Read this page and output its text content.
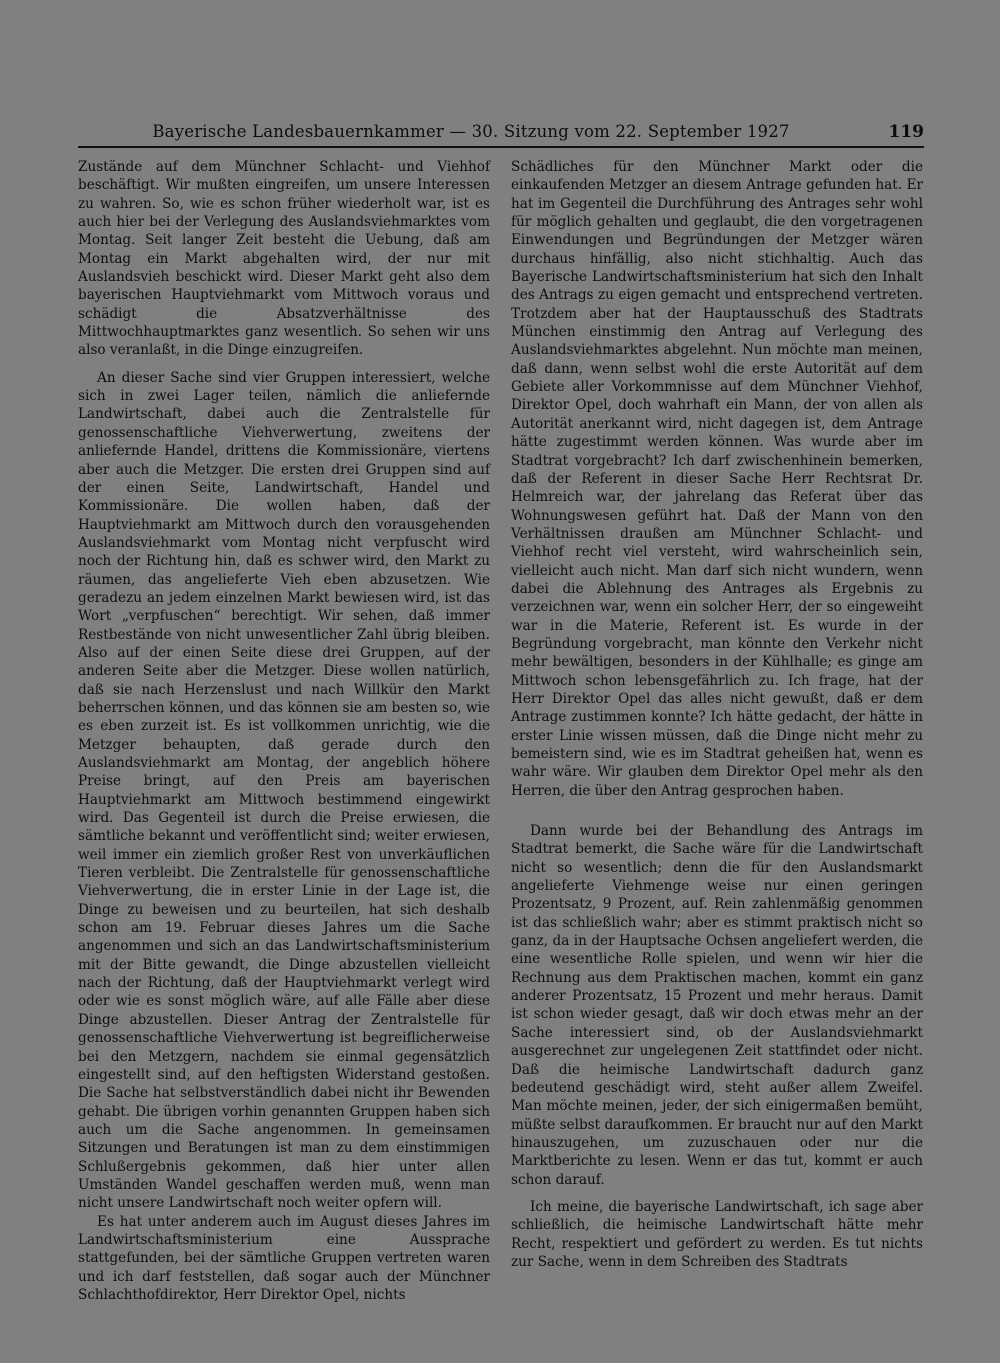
Bayerische Landesbauernkammer — 30. Sitzung vom 22. September 1927	119

Zustände auf dem Münchner Schlacht- und Viehhof beschäftigt. Wir mußten eingreifen, um unsere Interessen zu wahren. So, wie es schon früher wiederholt war, ist es auch hier bei der Verlegung des Auslandsviehmarktes vom Montag. Seit langer Zeit besteht die Uebung, daß am Montag ein Markt abgehalten wird, der nur mit Auslandsvieh beschickt wird. Dieser Markt geht also dem bayerischen Hauptviehmarkt vom Mittwoch voraus und schädigt die Absatzverhältnisse des Mittwochhauptmarktes ganz wesentlich. So sehen wir uns also veranlaßt, in die Dinge einzugreifen.

An dieser Sache sind vier Gruppen interessiert, welche sich in zwei Lager teilen, nämlich die anliefernde Landwirtschaft, dabei auch die Zentralstelle für genossenschaftliche Viehverwertung, zweitens der anliefernde Handel, drittens die Kommissionäre, viertens aber auch die Metzger. Die ersten drei Gruppen sind auf der einen Seite, Landwirtschaft, Handel und Kommissionäre. Die wollen haben, daß der Hauptviehmarkt am Mittwoch durch den vorausgehenden Auslandsviehmarkt vom Montag nicht verpfuscht wird noch der Richtung hin, daß es schwer wird, den Markt zu räumen, das angelieferte Vieh eben abzusetzen. Wie geradezu an jedem einzelnen Markt bewiesen wird, ist das Wort „verpfuschen“ berechtigt. Wir sehen, daß immer Restbestände von nicht unwesentlicher Zahl übrig bleiben. Also auf der einen Seite diese drei Gruppen, auf der anderen Seite aber die Metzger. Diese wollen natürlich, daß sie nach Herzenslust und nach Willkür den Markt beherrschen können, und das können sie am besten so, wie es eben zurzeit ist. Es ist vollkommen unrichtig, wie die Metzger behaupten, daß gerade durch den Auslandsviehmarkt am Montag, der angeblich höhere Preise bringt, auf den Preis am bayerischen Hauptviehmarkt am Mittwoch bestimmend eingewirkt wird. Das Gegenteil ist durch die Preise erwiesen, die sämtliche bekannt und veröffentlicht sind; weiter erwiesen, weil immer ein ziemlich großer Rest von unverkäuflichen Tieren verbleibt. Die Zentralstelle für genossenschaftliche Viehverwertung, die in erster Linie in der Lage ist, die Dinge zu beweisen und zu beurteilen, hat sich deshalb schon am 19. Februar dieses Jahres um die Sache angenommen und sich an das Landwirtschaftsministerium mit der Bitte gewandt, die Dinge abzustellen vielleicht nach der Richtung, daß der Hauptviehmarkt verlegt wird oder wie es sonst möglich wäre, auf alle Fälle aber diese Dinge abzustellen. Dieser Antrag der Zentralstelle für genossenschaftliche Viehverwertung ist begreiflicherweise bei den Metzgern, nachdem sie einmal gegensätzlich eingestellt sind, auf den heftigsten Widerstand gestoßen. Die Sache hat selbstverständlich dabei nicht ihr Bewenden gehabt. Die übrigen vorhin genannten Gruppen haben sich auch um die Sache angenommen. In gemeinsamen Sitzungen und Beratungen ist man zu dem einstimmigen Schlußergebnis gekommen, daß hier unter allen Umständen Wandel geschaffen werden muß, wenn man nicht unsere Landwirtschaft noch weiter opfern will.

Es hat unter anderem auch im August dieses Jahres im Landwirtschaftsministerium eine Aussprache stattgefunden, bei der sämtliche Gruppen vertreten waren und ich darf feststellen, daß sogar auch der Münchner Schlachthofdirektor, Herr Direktor Opel, nichts

Schädliches für den Münchner Markt oder die einkaufenden Metzger an diesem Antrage gefunden hat. Er hat im Gegenteil die Durchführung des Antrages sehr wohl für möglich gehalten und geglaubt, die den vorgetragenen Einwendungen und Begründungen der Metzger wären durchaus hinfällig, also nicht stichhaltig. Auch das Bayerische Landwirtschaftsministerium hat sich den Inhalt des Antrags zu eigen gemacht und entsprechend vertreten. Trotzdem aber hat der Hauptausschuß des Stadtrats München einstimmig den Antrag auf Verlegung des Auslandsviehmarktes abgelehnt. Nun möchte man meinen, daß dann, wenn selbst wohl die erste Autorität auf dem Gebiete aller Vorkommnisse auf dem Münchner Viehhof, Direktor Opel, doch wahrhaft ein Mann, der von allen als Autorität anerkannt wird, nicht dagegen ist, dem Antrage hätte zugestimmt werden können. Was wurde aber im Stadtrat vorgebracht? Ich darf zwischenhinein bemerken, daß der Referent in dieser Sache Herr Rechtsrat Dr. Helmreich war, der jahrelang das Referat über das Wohnungswesen geführt hat. Daß der Mann von den Verhältnissen draußen am Münchner Schlacht- und Viehhof recht viel versteht, wird wahrscheinlich sein, vielleicht auch nicht. Man darf sich nicht wundern, wenn dabei die Ablehnung des Antrages als Ergebnis zu verzeichnen war, wenn ein solcher Herr, der so eingeweiht war in die Materie, Referent ist. Es wurde in der Begründung vorgebracht, man könnte den Verkehr nicht mehr bewältigen, besonders in der Kühlhalle; es ginge am Mittwoch schon lebensgefährlich zu. Ich frage, hat der Herr Direktor Opel das alles nicht gewußt, daß er dem Antrage zustimmen konnte? Ich hätte gedacht, der hätte in erster Linie wissen müssen, daß die Dinge nicht mehr zu bemeistern sind, wie es im Stadtrat geheißen hat, wenn es wahr wäre. Wir glauben dem Direktor Opel mehr als den Herren, die über den Antrag gesprochen haben.

Dann wurde bei der Behandlung des Antrags im Stadtrat bemerkt, die Sache wäre für die Landwirtschaft nicht so wesentlich; denn die für den Auslandsmarkt angelieferte Viehmenge weise nur einen geringen Prozentsatz, 9 Prozent, auf. Rein zahlenmäßig genommen ist das schließlich wahr; aber es stimmt praktisch nicht so ganz, da in der Hauptsache Ochsen angeliefert werden, die eine wesentliche Rolle spielen, und wenn wir hier die Rechnung aus dem Praktischen machen, kommt ein ganz anderer Prozentsatz, 15 Prozent und mehr heraus. Damit ist schon wieder gesagt, daß wir doch etwas mehr an der Sache interessiert sind, ob der Auslandsviehmarkt ausgerechnet zur ungelegenen Zeit stattfindet oder nicht. Daß die heimische Landwirtschaft dadurch ganz bedeutend geschädigt wird, steht außer allem Zweifel. Man möchte meinen, jeder, der sich einigermaßen bemüht, müßte selbst daraufkommen. Er braucht nur auf den Markt hinauszugehen, um zuzuschauen oder nur die Marktberichte zu lesen. Wenn er das tut, kommt er auch schon darauf.

Ich meine, die bayerische Landwirtschaft, ich sage aber schließlich, die heimische Landwirtschaft hätte mehr Recht, respektiert und gefördert zu werden. Es tut nichts zur Sache, wenn in dem Schreiben des Stadtrats
